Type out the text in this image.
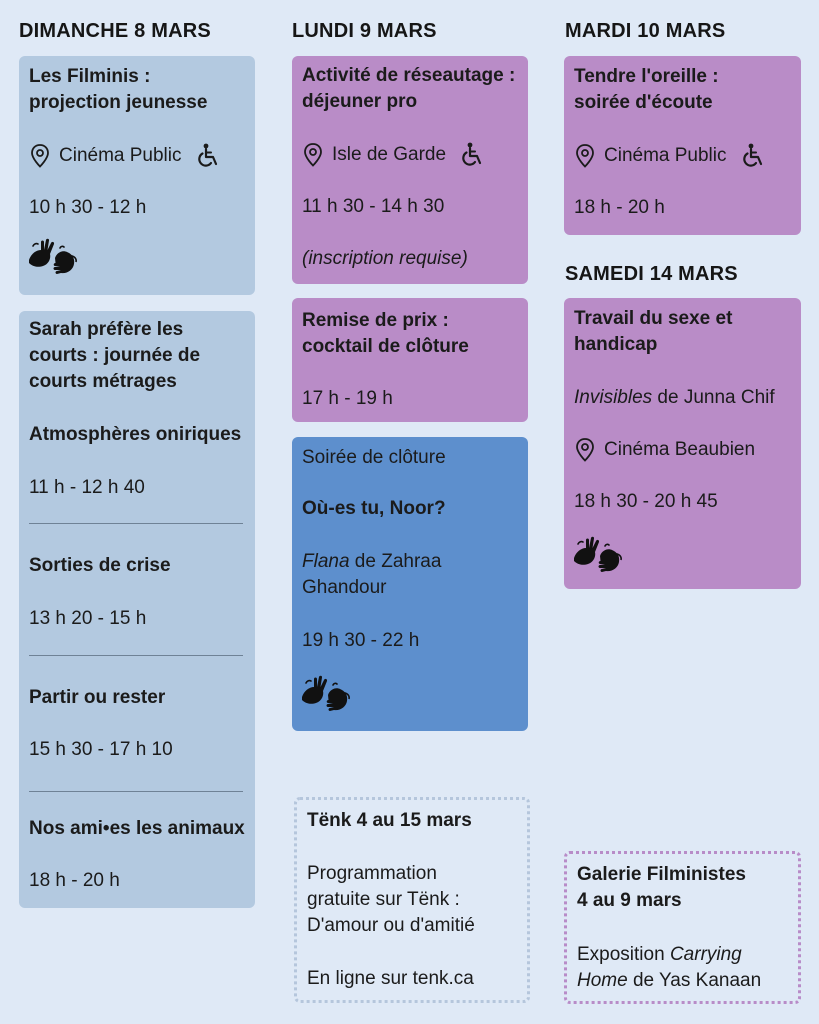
DIMANCHE 8 MARS	LUNDI 9 MARS	MARDI 10 MARS
SAMEDI 14 MARS
Les Filminis :
projection jeunesse
Cinéma Public
10 h 30 - 12 h
Sarah préfère les
courts : journée de
courts métrages
Atmosphères oniriques
11 h - 12 h 40
Sorties de crise
13 h 20 - 15 h
Partir ou rester
15 h 30 - 17 h 10
Nos ami•es les animaux
18 h - 20 h
Activité de réseautage :
déjeuner pro
Isle de Garde
11 h 30 - 14 h 30
(inscription requise)
Remise de prix :
cocktail de clôture
17 h - 19 h
Soirée de clôture
Où-es tu, Noor?
Flana de Zahraa
Ghandour
19 h 30 - 22 h
Tënk 4 au 15 mars
Programmation
gratuite sur Tënk :
D'amour ou d'amitié
En ligne sur tenk.ca
Tendre l'oreille :
soirée d'écoute
Cinéma Public
18 h - 20 h
Travail du sexe et
handicap
Invisibles de Junna Chif
Cinéma Beaubien
18 h 30 - 20 h 45
Galerie Filministes
4 au 9 mars
Exposition Carrying
Home de Yas Kanaan
